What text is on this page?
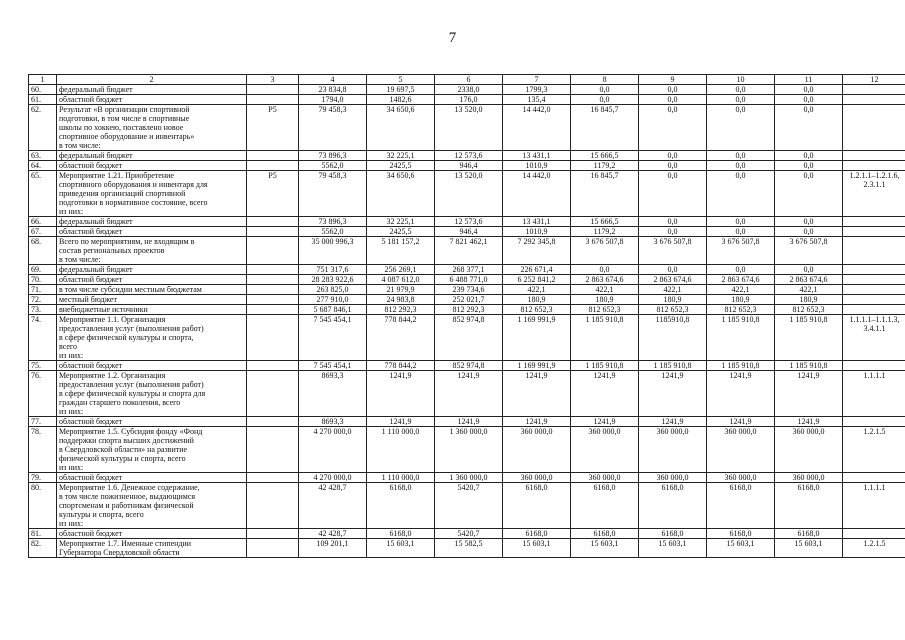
7
1	2	3	4	5	6	7	8	9	10	11	12
60.	федеральный бюджет		23 834,8	19 697,5	2338,0	1799,3	0,0	0,0	0,0	0,0	
61.	областной бюджет		1794,0	1482,6	176,0	135,4	0,0	0,0	0,0	0,0	
62.	Результат «В организации спортивной
подготовки, в том числе в спортивные
школы по хоккею, поставлено новое
спортивное оборудование и инвентарь»
в том числе:	Р5	79 458,3	34 650,6	13 520,0	14 442,0	16 845,7	0,0	0,0	0,0	
63.	федеральный бюджет		73 896,3	32 225,1	12 573,6	13 431,1	15 666,5	0,0	0,0	0,0	
64.	областной бюджет		5562,0	2425,5	946,4	1010,9	1179,2	0,0	0,0	0,0	
65.	Мероприятие 1.21. Приобретение
спортивного оборудования и инвентаря для
приведения организаций спортивной
подготовки в нормативное состояние, всего
из них:	Р5	79 458,3	34 650,6	13 520,0	14 442,0	16 845,7	0,0	0,0	0,0	1.2.1.1–1.2.1.6,
2.3.1.1
66.	федеральный бюджет		73 896,3	32 225,1	12 573,6	13 431,1	15 666,5	0,0	0,0	0,0	
67.	областной бюджет		5562,0	2425,5	946,4	1010,9	1179,2	0,0	0,0	0,0	
68.	Всего по мероприятиям, не входящим в
состав региональных проектов
в том числе:		35 000 996,3	5 181 157,2	7 821 462,1	7 292 345,8	3 676 507,8	3 676 507,8	3 676 507,8	3 676 507,8	
69.	федеральный бюджет		751 317,6	256 269,1	268 377,1	226 671,4	0,0	0,0	0,0	0,0	
70.	областной бюджет		28 283 922,6	4 087 612,0	6 488 771,0	6 252 841,2	2 863 674,6	2 863 674,6	2 863 674,6	2 863 674,6	
71.	в том числе субсидии местным бюджетам		263 825,0	21 979,9	239 734,6	422,1	422,1	422,1	422,1	422,1	
72.	местный бюджет		277 910,0	24 983,8	252 021,7	180,9	180,9	180,9	180,9	180,9	
73.	внебюджетные источники		5 687 846,1	812 292,3	812 292,3	812 652,3	812 652,3	812 652,3	812 652,3	812 652,3	
74.	Мероприятие 1.1. Организация
предоставления услуг (выполнения работ)
в сфере физической культуры и спорта,
всего
из них:		7 545 454,1	778 844,2	852 974,8	1 169 991,9	1 185 910,8	1185910,8	1 185 910,8	1 185 910,8	1.1.1.1–1.1.1.3,
3.4.1.1
75.	областной бюджет		7 545 454,1	778 844,2	852 974,8	1 169 991,9	1 185 910,8	1 185 910,8	1 185 910,8	1 185 910,8	
76.	Мероприятие 1.2. Организация
предоставления услуг (выполнения работ)
в сфере физической культуры и спорта для
граждан старшего поколения, всего
из них:		8693,3	1241,9	1241,9	1241,9	1241,9	1241,9	1241,9	1241,9	1.1.1.1
77.	областной бюджет		8693,3	1241,9	1241,9	1241,9	1241,9	1241,9	1241,9	1241,9	
78.	Мероприятие 1.5. Субсидия фонду «Фонд
поддержки спорта высших достижений
в Свердловской области» на развитие
физической культуры и спорта, всего
из них:		4 270 000,0	1 110 000,0	1 360 000,0	360 000,0	360 000,0	360 000,0	360 000,0	360 000,0	1.2.1.5
79.	областной бюджет		4 270 000,0	1 110 000,0	1 360 000,0	360 000,0	360 000,0	360 000,0	360 000,0	360 000,0	
80.	Мероприятие 1.6. Денежное содержание,
в том числе пожизненное, выдающимся
спортсменам и работникам физической
культуры и спорта, всего
из них:		42 428,7	6168,0	5420,7	6168,0	6168,0	6168,0	6168,0	6168,0	1.1.1.1
81.	областной бюджет		42 428,7	6168,0	5420,7	6168,0	6168,0	6168,0	6168,0	6168,0	
82.	Мероприятие 1.7. Именные стипендии
Губернатора Свердловской области		109 201,1	15 603,1	15 582,5	15 603,1	15 603,1	15 603,1	15 603,1	15 603,1	1.2.1.5
